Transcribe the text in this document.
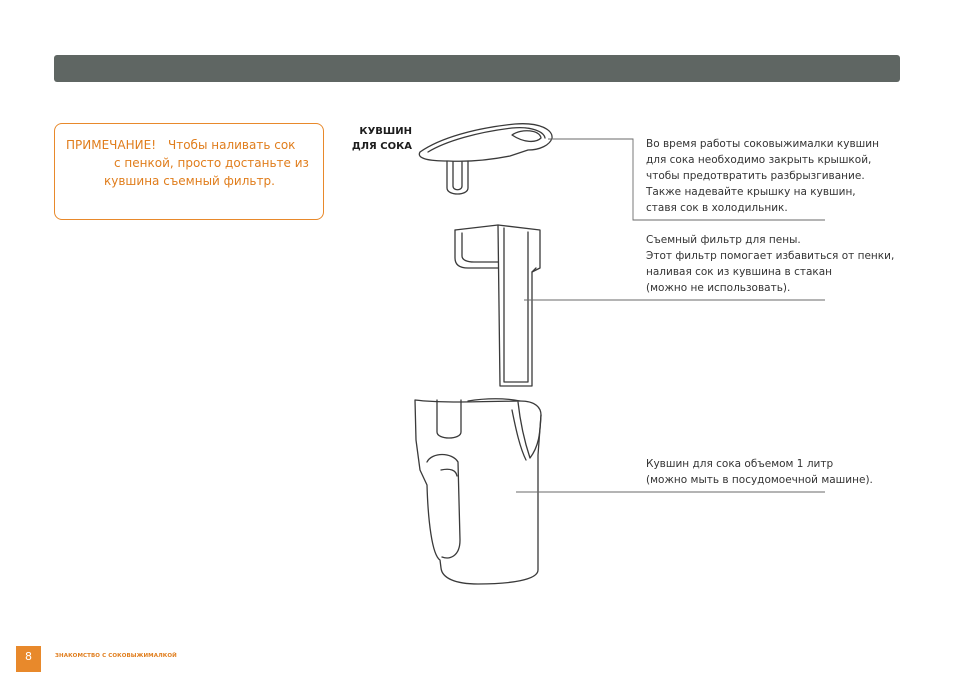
ПРИМЕЧАНИЕ! Чтобы наливать сок
с пенкой, просто достаньте из
кувшина съемный фильтр.
КУВШИН
ДЛЯ СОКА	Во время работы соковыжималки кувшин
для сока необходимо закрыть крышкой,
чтобы предотвратить разбрызгивание.
Также надевайте крышку на кувшин,
ставя сок в холодильник.
Съемный фильтр для пены.
Этот фильтр помогает избавиться от пенки,
наливая сок из кувшина в стакан
(можно не использовать).
Кувшин для сока объемом 1 литр
(можно мыть в посудомоечной машине).
8	ЗНАКОМСТВО С СОКОВЫЖИМАЛКОЙ
